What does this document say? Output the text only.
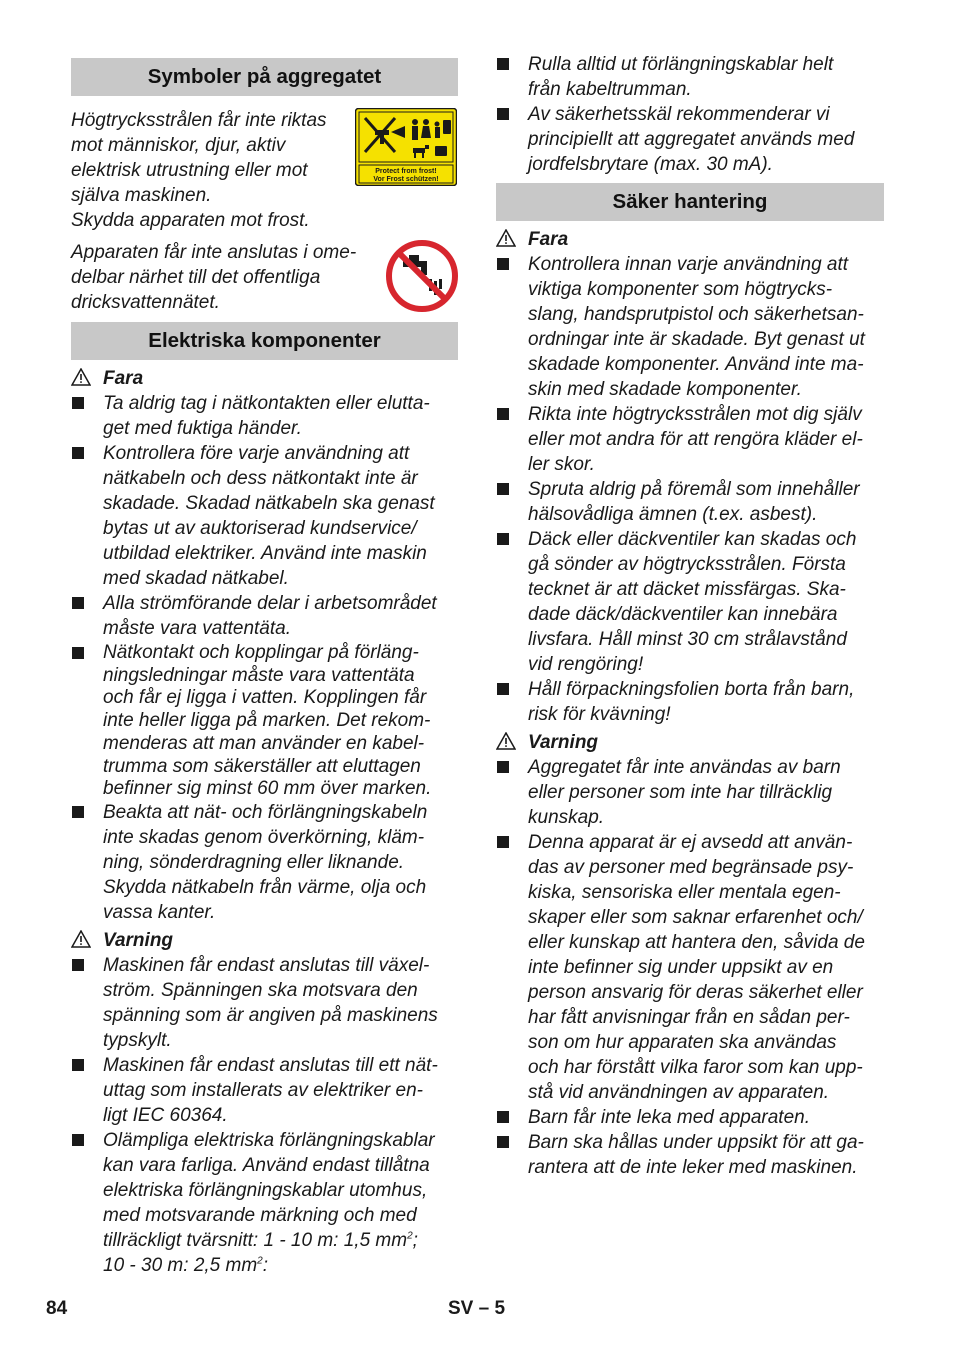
Symboler på aggregatet
Högtrycksstrålen får inte riktas
mot människor, djur, aktiv
elektrisk utrustning eller mot
själva maskinen.
Skydda apparaten mot frost.
Protect from frost!
Vor Frost schützen!
Apparaten får inte anslutas i ome-
delbar närhet till det offentliga
dricksvattennätet.
Elektriska komponenter
Fara
Ta aldrig tag i nätkontakten eller elutta-
get med fuktiga händer.
Kontrollera före varje användning att
nätkabeln och dess nätkontakt inte är
skadade. Skadad nätkabeln ska genast
bytas ut av auktoriserad kundservice/
utbildad elektriker. Använd inte maskin
med skadad nätkabel.
Alla strömförande delar i arbetsområdet
måste vara vattentäta.
Nätkontakt och kopplingar på förläng-
ningsledningar måste vara vattentäta
och får ej ligga i vatten. Kopplingen får
inte heller ligga på marken. Det rekom-
menderas att man använder en kabel-
trumma som säkerställer att eluttagen
befinner sig minst 60 mm över marken.
Beakta att nät- och förlängningskabeln
inte skadas genom överkörning, kläm-
ning, sönderdragning eller liknande.
Skydda nätkabeln från värme, olja och
vassa kanter.
Varning
Maskinen får endast anslutas till växel-
ström. Spänningen ska motsvara den
spänning som är angiven på maskinens
typskylt.
Maskinen får endast anslutas till ett nät-
uttag som installerats av elektriker en-
ligt IEC 60364.
Olämpliga elektriska förlängningskablar
kan vara farliga. Använd endast tillåtna
elektriska förlängningskablar utomhus,
med motsvarande märkning och med
tillräckligt tvärsnitt: 1 - 10 m: 1,5 $mm^2$;
10 - 30 m: 2,5 $mm^2$:
Rulla alltid ut förlängningskablar helt
från kabeltrumman.
Av säkerhetsskäl rekommenderar vi
principiellt att aggregatet används med
jordfelsbrytare (max. 30 mA).
Säker hantering
Fara
Kontrollera innan varje användning att
viktiga komponenter som högtrycks-
slang, handsprutpistol och säkerhetsan-
ordningar inte är skadade. Byt genast ut
skadade komponenter. Använd inte ma-
skin med skadade komponenter.
Rikta inte högtrycksstrålen mot dig själv
eller mot andra för att rengöra kläder el-
ler skor.
Spruta aldrig på föremål som innehåller
hälsovådliga ämnen (t.ex. asbest).
Däck eller däckventiler kan skadas och
gå sönder av högtrycksstrålen. Första
tecknet är att däcket missfärgas. Ska-
dade däck/däckventiler kan innebära
livsfara. Håll minst 30 cm strålavstånd
vid rengöring!
Håll förpackningsfolien borta från barn,
risk för kvävning!
Varning
Aggregatet får inte användas av barn
eller personer som inte har tillräcklig
kunskap.
Denna apparat är ej avsedd att använ-
das av personer med begränsade psy-
kiska, sensoriska eller mentala egen-
skaper eller som saknar erfarenhet och/
eller kunskap att hantera den, såvida de
inte befinner sig under uppsikt av en
person ansvarig för deras säkerhet eller
har fått anvisningar från en sådan per-
son om hur apparaten ska användas
och har förstått vilka faror som kan upp-
stå vid användningen av apparaten.
Barn får inte leka med apparaten.
Barn ska hållas under uppsikt för att ga-
rantera att de inte leker med maskinen.
84	SV – 5
